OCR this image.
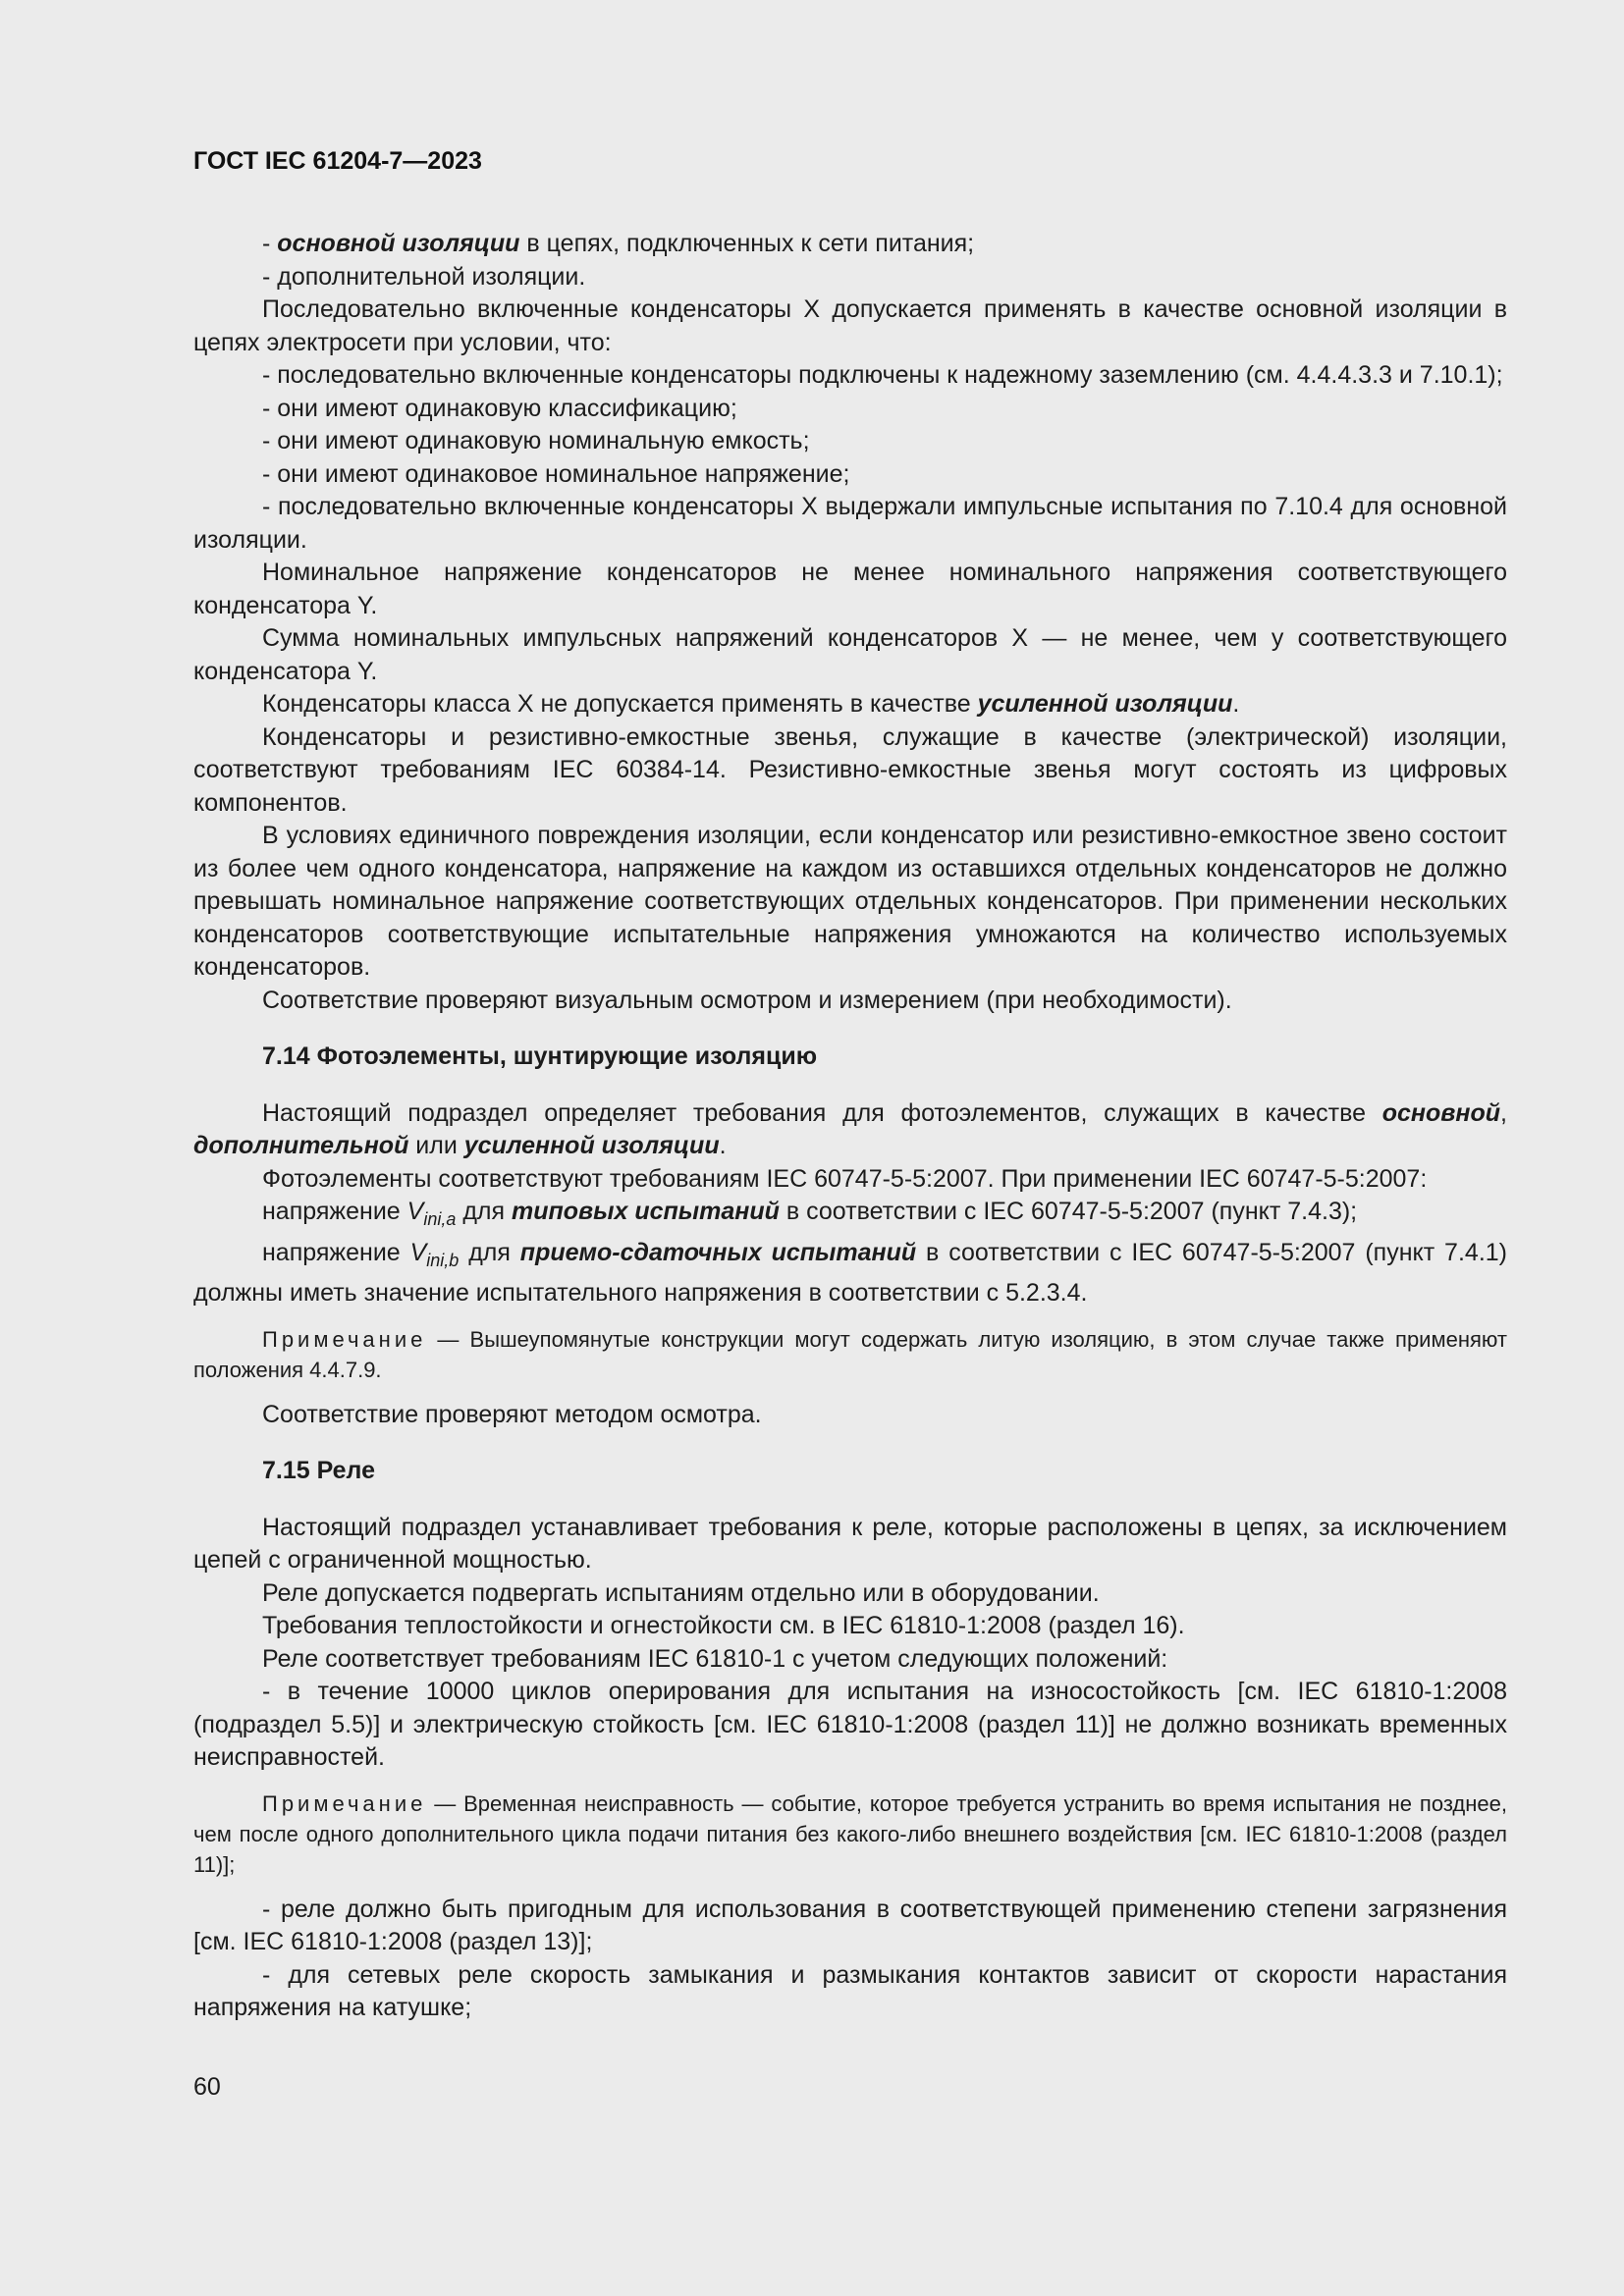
ГОСТ IEC 61204-7—2023

- основной изоляции в цепях, подключенных к сети питания;

- дополнительной изоляции.

Последовательно включенные конденсаторы X допускается применять в качестве основной изоляции в цепях электросети при условии, что:

- последовательно включенные конденсаторы подключены к надежному заземлению (см. 4.4.4.3.3 и 7.10.1);

- они имеют одинаковую классификацию;

- они имеют одинаковую номинальную емкость;

- они имеют одинаковое номинальное напряжение;

- последовательно включенные конденсаторы X выдержали импульсные испытания по 7.10.4 для основной изоляции.

Номинальное напряжение конденсаторов не менее номинального напряжения соответствующего конденсатора Y.

Сумма номинальных импульсных напряжений конденсаторов X — не менее, чем у соответствующего конденсатора Y.

Конденсаторы класса X не допускается применять в качестве усиленной изоляции.

Конденсаторы и резистивно-емкостные звенья, служащие в качестве (электрической) изоляции, соответствуют требованиям IEC 60384-14. Резистивно-емкостные звенья могут состоять из цифровых компонентов.

В условиях единичного повреждения изоляции, если конденсатор или резистивно-емкостное звено состоит из более чем одного конденсатора, напряжение на каждом из оставшихся отдельных конденсаторов не должно превышать номинальное напряжение соответствующих отдельных конденсаторов. При применении нескольких конденсаторов соответствующие испытательные напряжения умножаются на количество используемых конденсаторов.

Соответствие проверяют визуальным осмотром и измерением (при необходимости).

7.14 Фотоэлементы, шунтирующие изоляцию

Настоящий подраздел определяет требования для фотоэлементов, служащих в качестве основной, дополнительной или усиленной изоляции.

Фотоэлементы соответствуют требованиям IEC 60747-5-5:2007. При применении IEC 60747-5-5:2007:

напряжение $V_{ini,a}$ для типовых испытаний в соответствии с IEC 60747-5-5:2007 (пункт 7.4.3);

напряжение $V_{ini,b}$ для приемо-сдаточных испытаний в соответствии с IEC 60747-5-5:2007 (пункт 7.4.1) должны иметь значение испытательного напряжения в соответствии с 5.2.3.4.

Примечание — Вышеупомянутые конструкции могут содержать литую изоляцию, в этом случае также применяют положения 4.4.7.9.

Соответствие проверяют методом осмотра.

7.15 Реле

Настоящий подраздел устанавливает требования к реле, которые расположены в цепях, за исключением цепей с ограниченной мощностью.

Реле допускается подвергать испытаниям отдельно или в оборудовании.

Требования теплостойкости и огнестойкости см. в IEC 61810-1:2008 (раздел 16).

Реле соответствует требованиям IEC 61810-1 с учетом следующих положений:

- в течение 10000 циклов оперирования для испытания на износостойкость [см. IEC 61810-1:2008 (подраздел 5.5)] и электрическую стойкость [см. IEC 61810-1:2008 (раздел 11)] не должно возникать временных неисправностей.

Примечание — Временная неисправность — событие, которое требуется устранить во время испытания не позднее, чем после одного дополнительного цикла подачи питания без какого-либо внешнего воздействия [см. IEC 61810-1:2008 (раздел 11)];

- реле должно быть пригодным для использования в соответствующей применению степени загрязнения [см. IEC 61810-1:2008 (раздел 13)];

- для сетевых реле скорость замыкания и размыкания контактов зависит от скорости нарастания напряжения на катушке;

60
